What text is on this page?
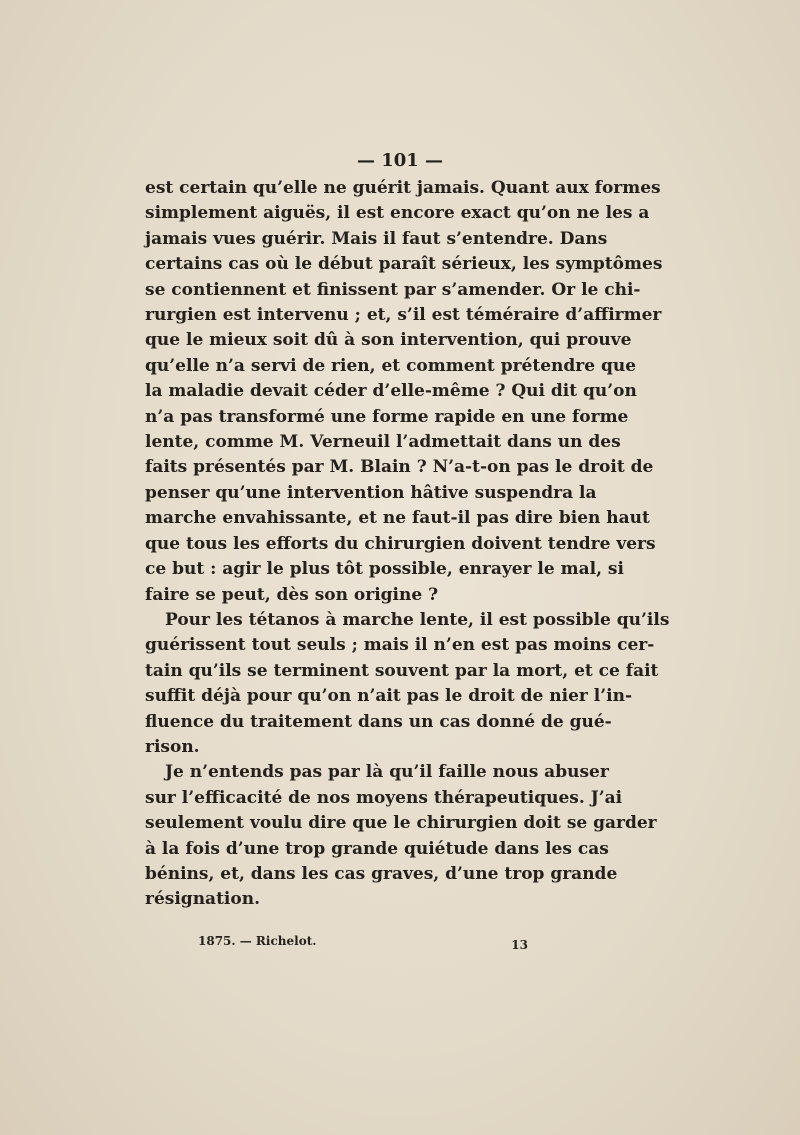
— 101 —
est certain qu’elle ne guérit jamais. Quant aux formes
simplement aiguës, il est encore exact qu’on ne les a
jamais vues guérir. Mais il faut s’entendre. Dans
certains cas où le début paraît sérieux, les symptômes
se contiennent et finissent par s’amender. Or le chi-
rurgien est intervenu ; et, s’il est téméraire d’affirmer
que le mieux soit dû à son intervention, qui prouve
qu’elle n’a servi de rien, et comment prétendre que
la maladie devait céder d’elle-même ? Qui dit qu’on
n’a pas transformé une forme rapide en une forme
lente, comme M. Verneuil l’admettait dans un des
faits présentés par M. Blain ? N’a-t-on pas le droit de
penser qu’une intervention hâtive suspendra la
marche envahissante, et ne faut-il pas dire bien haut
que tous les efforts du chirurgien doivent tendre vers
ce but : agir le plus tôt possible, enrayer le mal, si
faire se peut, dès son origine ?
Pour les tétanos à marche lente, il est possible qu’ils
guérissent tout seuls ; mais il n’en est pas moins cer-
tain qu’ils se terminent souvent par la mort, et ce fait
suffit déjà pour qu’on n’ait pas le droit de nier l’in-
fluence du traitement dans un cas donné de gué-
rison.
Je n’entends pas par là qu’il faille nous abuser
sur l’efficacité de nos moyens thérapeutiques. J’ai
seulement voulu dire que le chirurgien doit se garder
à la fois d’une trop grande quiétude dans les cas
bénins, et, dans les cas graves, d’une trop grande
résignation.
1875. — Richelot.	13
